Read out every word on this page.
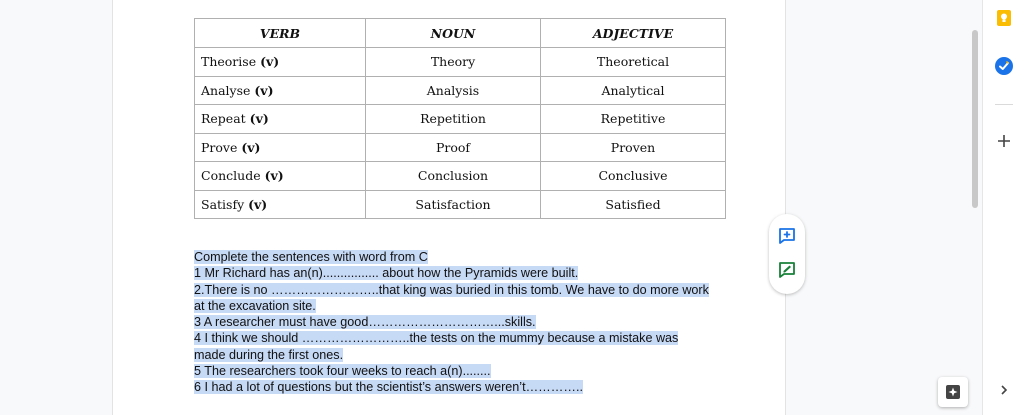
VERB	NOUN	ADJECTIVE
Theorise (v)	Theory	Theoretical
Analyse (v)	Analysis	Analytical
Repeat (v)	Repetition	Repetitive
Prove (v)	Proof	Proven
Conclude (v)	Conclusion	Conclusive
Satisfy (v)	Satisfaction	Satisfied
Complete the sentences with word from C
1 Mr Richard has an(n)................ about how the Pyramids were built.
2.There is no ……………………..that king was buried in this tomb. We have to do more work
at the excavation site.
3 A researcher must have good…………………………...skills.
4 I think we should ……………………..the tests on the mummy because a mistake was
made during the first ones.
5 The researchers took four weeks to reach a(n)........
6 I had a lot of questions but the scientist’s answers weren’t…………..
